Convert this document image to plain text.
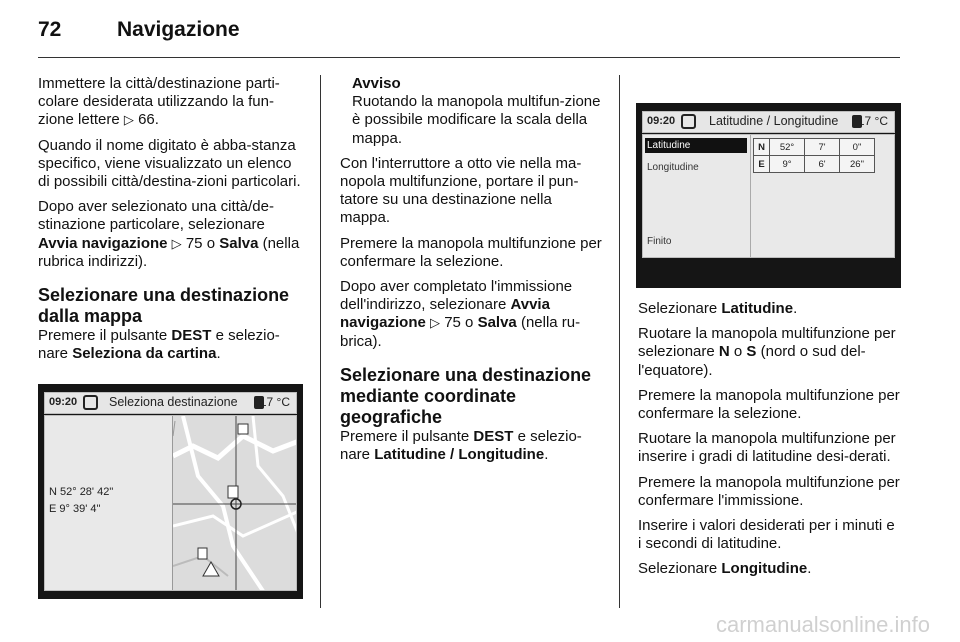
72	Navigazione

Immettere la città/destinazione parti-colare desiderata utilizzando la fun-zione lettere ▷ 66.

Quando il nome digitato è abba-stanza specifico, viene visualizzato un elenco di possibili città/destina-zioni particolari.

Dopo aver selezionato una città/de-stinazione particolare, selezionare Avvia navigazione ▷ 75 o Salva (nella rubrica indirizzi).

Selezionare una destinazione dalla mappa

Premere il pulsante DEST e selezio-nare Seleziona da cartina.

09:20	Seleziona destinazione 17 °C
N 52° 28' 42"
E 9° 39' 4"
Avviso
Ruotando la manopola multifun-zione è possibile modificare la scala della mappa.

Con l'interruttore a otto vie nella ma-nopola multifunzione, portare il pun-tatore su una destinazione nella mappa.

Premere la manopola multifunzione per confermare la selezione.

Dopo aver completato l'immissione dell'indirizzo, selezionare Avvia navigazione ▷ 75 o Salva (nella ru-brica).

Selezionare una destinazione mediante coordinate geografiche

Premere il pulsante DEST e selezio-nare Latitudine / Longitudine.

09:20	Latitudine / Longitudine 17 °C
Latitudine
Longitudine
Finito
N	52°	7'	0"
E	9°	6'	26"

Selezionare Latitudine.

Ruotare la manopola multifunzione per selezionare N o S (nord o sud del-l'equatore).

Premere la manopola multifunzione per confermare la selezione.

Ruotare la manopola multifunzione per inserire i gradi di latitudine desi-derati.

Premere la manopola multifunzione per confermare l'immissione.

Inserire i valori desiderati per i minuti e i secondi di latitudine.

Selezionare Longitudine.

carmanualsonline.info
